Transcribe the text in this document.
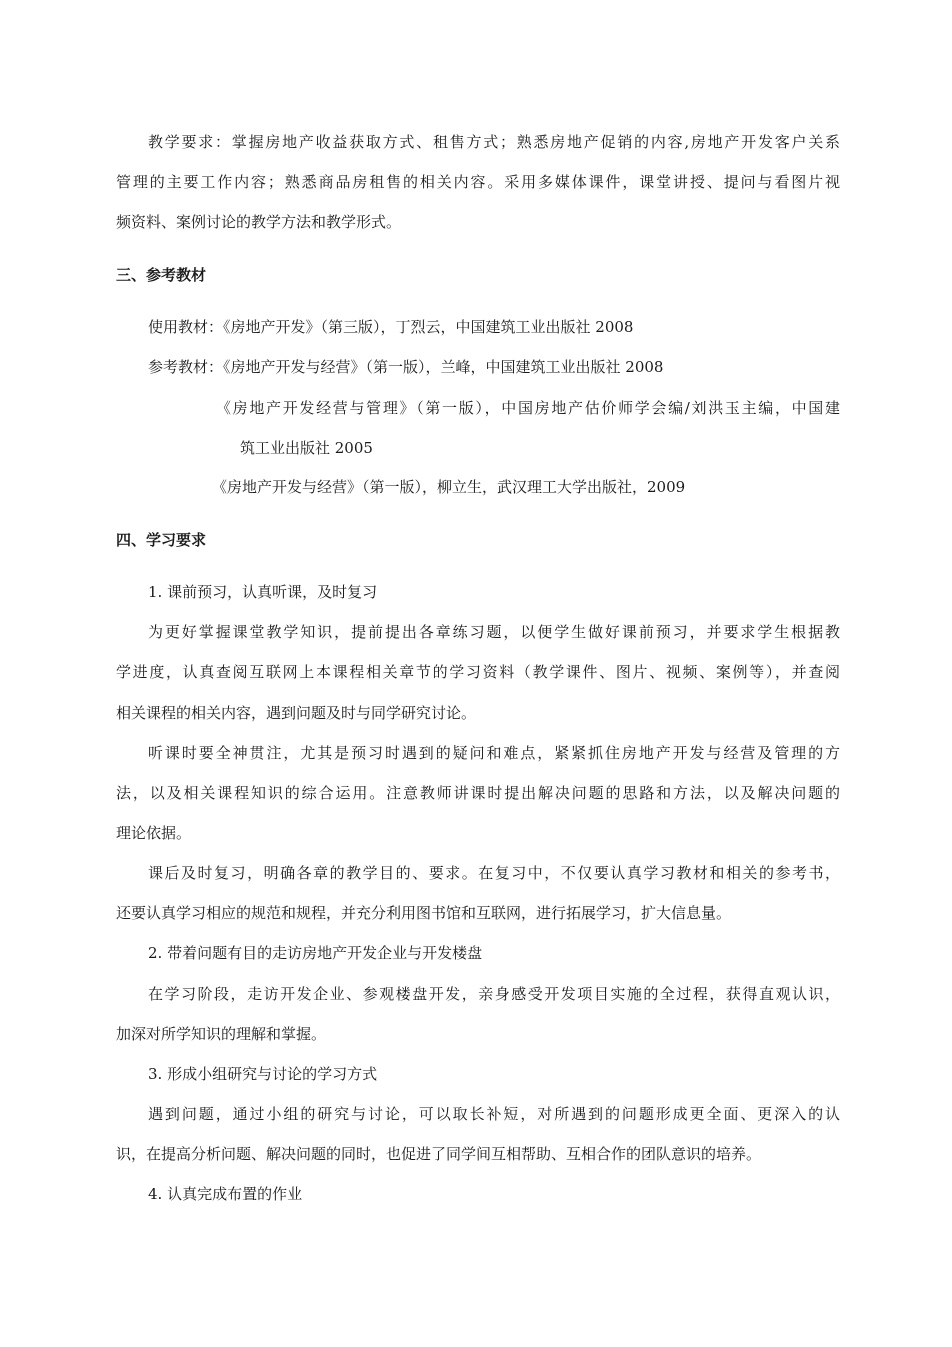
教学要求：掌握房地产收益获取方式、租售方式；熟悉房地产促销的内容,房地产开发客户关系
管理的主要工作内容；熟悉商品房租售的相关内容。采用多媒体课件，课堂讲授、提问与看图片视
频资料、案例讨论的教学方法和教学形式。
三、参考教材
使用教材：《房地产开发》（第三版），丁烈云，中国建筑工业出版社 2008
参考教材：《房地产开发与经营》（第一版），兰峰，中国建筑工业出版社 2008
《房地产开发经营与管理》（第一版），中国房地产估价师学会编/刘洪玉主编，中国建
筑工业出版社 2005
《房地产开发与经营》（第一版），柳立生，武汉理工大学出版社，2009
四、学习要求
1. 课前预习，认真听课，及时复习
为更好掌握课堂教学知识，提前提出各章练习题，以便学生做好课前预习，并要求学生根据教
学进度，认真查阅互联网上本课程相关章节的学习资料（教学课件、图片、视频、案例等），并查阅
相关课程的相关内容，遇到问题及时与同学研究讨论。
听课时要全神贯注，尤其是预习时遇到的疑问和难点，紧紧抓住房地产开发与经营及管理的方
法，以及相关课程知识的综合运用。注意教师讲课时提出解决问题的思路和方法，以及解决问题的
理论依据。
课后及时复习，明确各章的教学目的、要求。在复习中，不仅要认真学习教材和相关的参考书，
还要认真学习相应的规范和规程，并充分利用图书馆和互联网，进行拓展学习，扩大信息量。
2. 带着问题有目的走访房地产开发企业与开发楼盘
在学习阶段，走访开发企业、参观楼盘开发，亲身感受开发项目实施的全过程，获得直观认识，
加深对所学知识的理解和掌握。
3. 形成小组研究与讨论的学习方式
遇到问题，通过小组的研究与讨论，可以取长补短，对所遇到的问题形成更全面、更深入的认
识，在提高分析问题、解决问题的同时，也促进了同学间互相帮助、互相合作的团队意识的培养。
4. 认真完成布置的作业
